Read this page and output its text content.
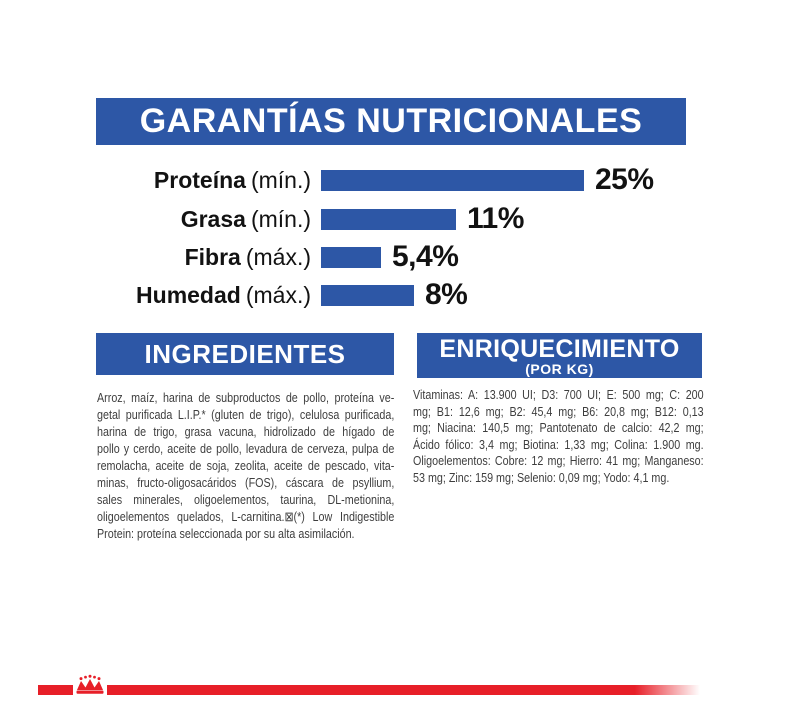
GARANTÍAS NUTRICIONALES
Proteína (mín.)	25%
Grasa (mín.)	11%
Fibra (máx.)	5,4%
Humedad (máx.)	8%
INGREDIENTES
Arroz, maíz, harina de subproductos de pollo, proteína ve-
getal purificada L.I.P.* (gluten de trigo), celulosa purificada,
harina de trigo, grasa vacuna, hidrolizado de hígado de
pollo y cerdo, aceite de pollo, levadura de cerveza, pulpa de
remolacha, aceite de soja, zeolita, aceite de pescado, vita-
minas, fructo-oligosacáridos (FOS), cáscara de psyllium,
sales minerales, oligoelementos, taurina, DL-metionina,
oligoelementos quelados, L-carnitina.⊠(*) Low Indigestible
Protein: proteína seleccionada por su alta asimilación.
ENRIQUECIMIENTO
(POR KG)
Vitaminas: A: 13.900 UI; D3: 700 UI; E: 500 mg; C: 200
mg; B1: 12,6 mg; B2: 45,4 mg; B6: 20,8 mg; B12: 0,13
mg; Niacina: 140,5 mg; Pantotenato de calcio: 42,2 mg;
Ácido fólico: 3,4 mg; Biotina: 1,33 mg; Colina: 1.900 mg.
Oligoelementos: Cobre: 12 mg; Hierro: 41 mg; Manganeso:
53 mg; Zinc: 159 mg; Selenio: 0,09 mg; Yodo: 4,1 mg.
